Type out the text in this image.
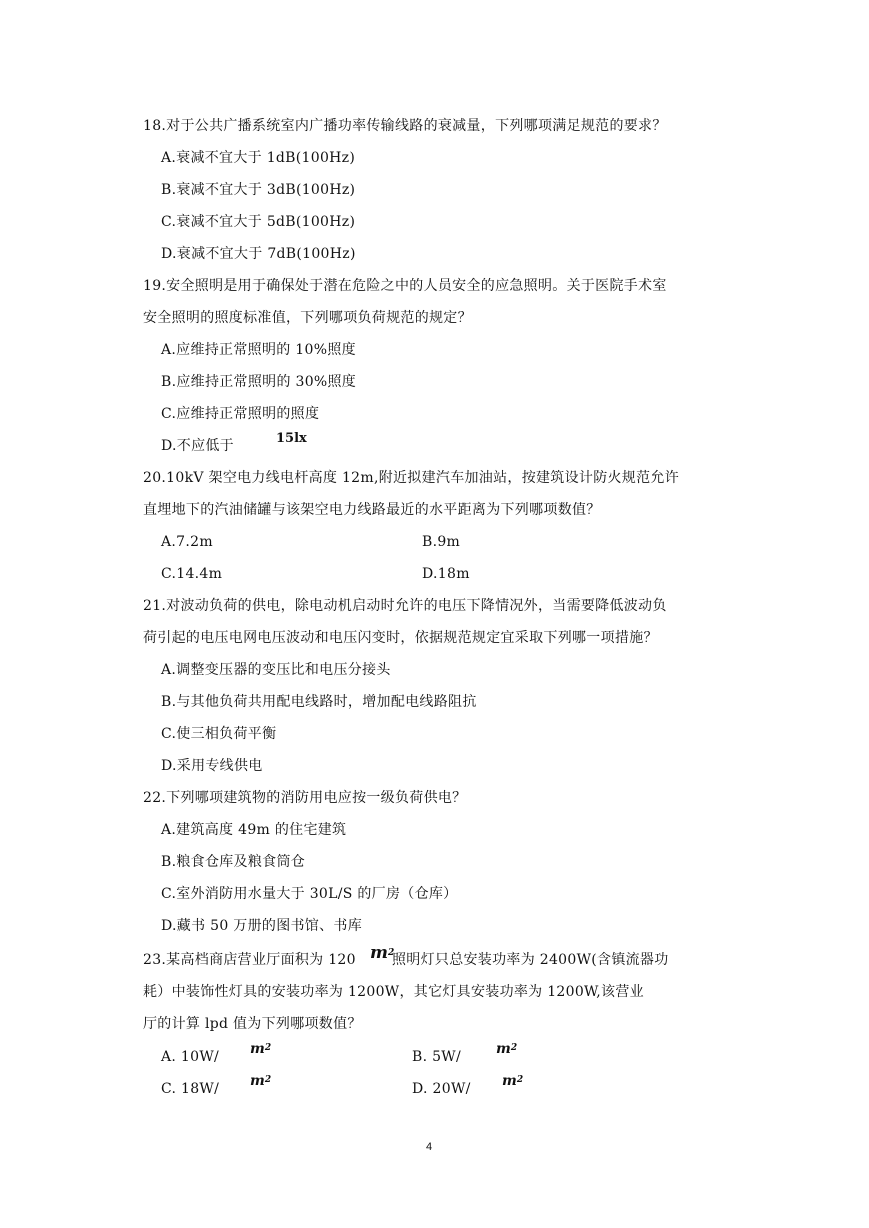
18.对于公共广播系统室内广播功率传输线路的衰减量，下列哪项满足规范的要求？
A.衰减不宜大于 1dB(100Hz)
B.衰减不宜大于 3dB(100Hz)
C.衰减不宜大于 5dB(100Hz)
D.衰减不宜大于 7dB(100Hz)
19.安全照明是用于确保处于潜在危险之中的人员安全的应急照明。关于医院手术室
安全照明的照度标准值，下列哪项负荷规范的规定？
A.应维持正常照明的 10%照度
B.应维持正常照明的 30%照度
C.应维持正常照明的照度
D.不应低于	15lx
20.10kV 架空电力线电杆高度 12m,附近拟建汽车加油站，按建筑设计防火规范允许
直埋地下的汽油储罐与该架空电力线路最近的水平距离为下列哪项数值？
A.7.2m	B.9m
C.14.4m	D.18m
21.对波动负荷的供电，除电动机启动时允许的电压下降情况外，当需要降低波动负
荷引起的电压电网电压波动和电压闪变时，依据规范规定宜采取下列哪一项措施？
A.调整变压器的变压比和电压分接头
B.与其他负荷共用配电线路时，增加配电线路阻抗
C.使三相负荷平衡
D.采用专线供电
22.下列哪项建筑物的消防用电应按一级负荷供电？
A.建筑高度 49m 的住宅建筑
B.粮食仓库及粮食筒仓
C.室外消防用水量大于 30L/S 的厂房（仓库）
D.藏书 50 万册的图书馆、书库
23.某高档商店营业厅面积为 120 $m^2$
照明灯只总安装功率为 2400W(含镇流器功
耗）中装饰性灯具的安装功率为 1200W，其它灯具安装功率为 1200W,该营业
厅的计算 lpd 值为下列哪项数值？
A. 10W/ $m^2$
B. 5W/ $m^2$
C. 18W/ $m^2$
D. 20W/ $m^2$
4
